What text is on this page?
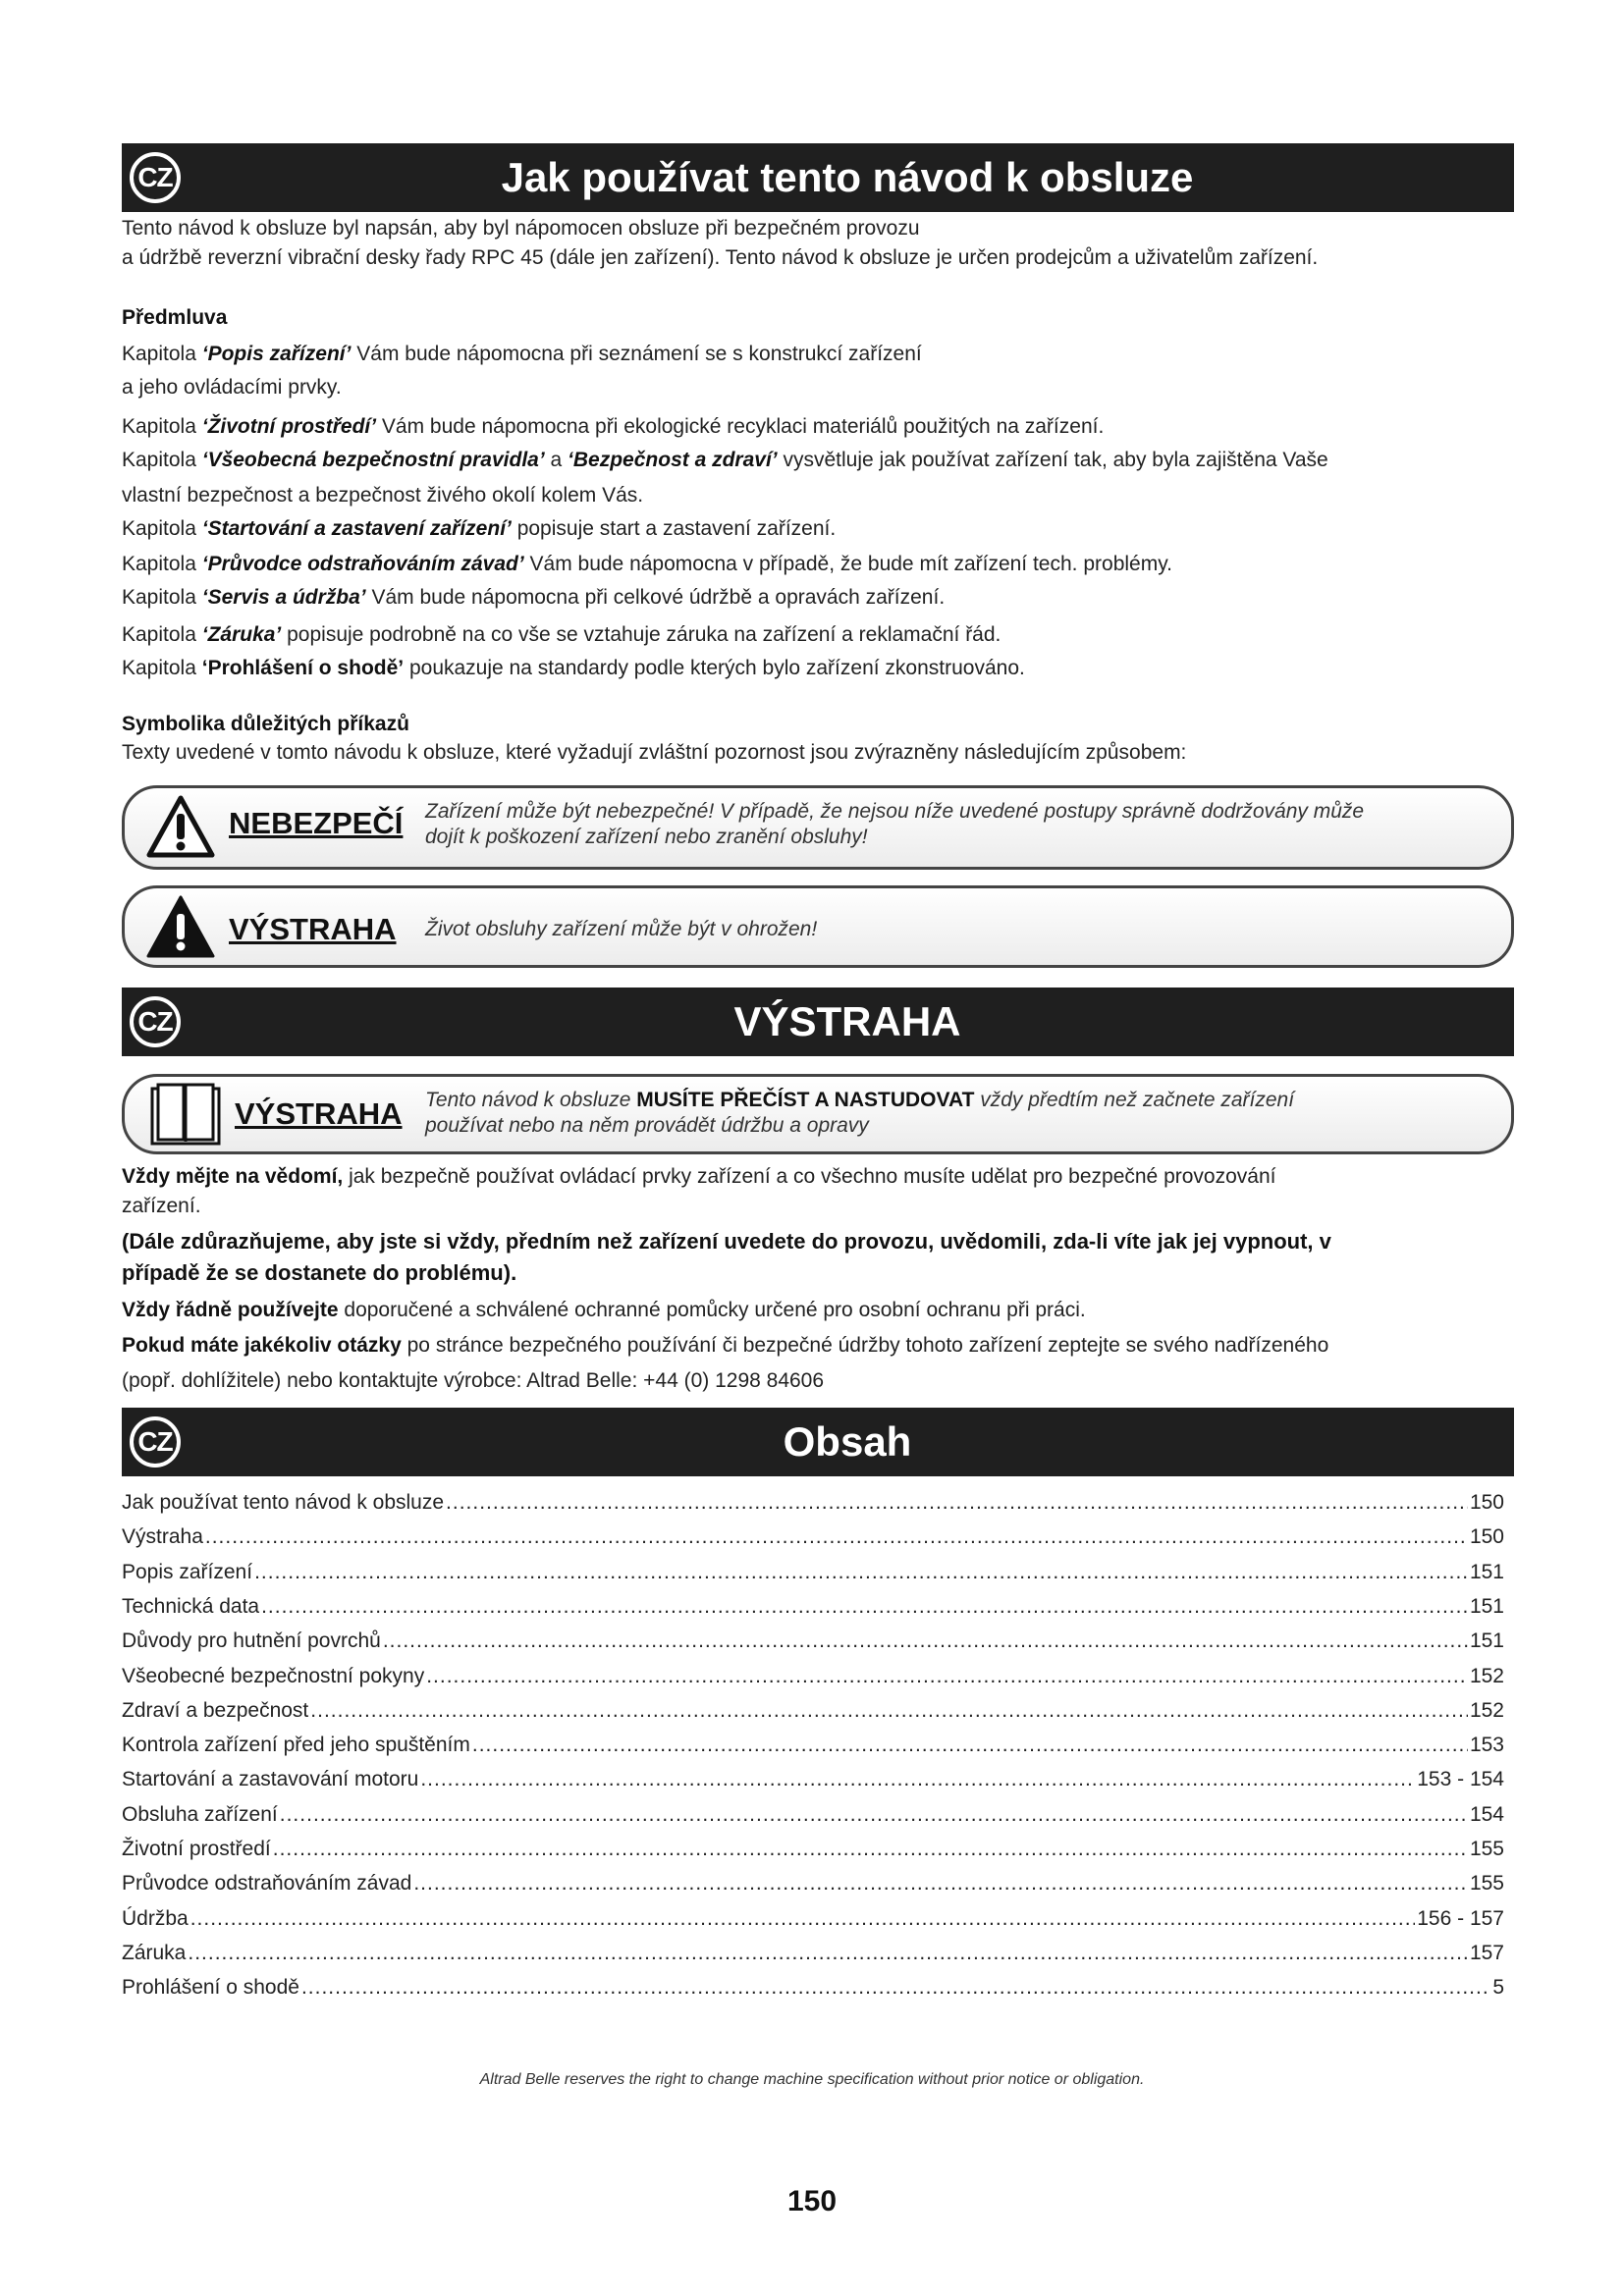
CZ	Jak používat tento návod k obsluze
Tento návod k obsluze byl napsán, aby byl nápomocen obsluze při bezpečném provozu
a údržbě reverzní vibrační desky řady RPC 45 (dále jen zařízení). Tento návod k obsluze je určen prodejcům a uživatelům zařízení.
Předmluva
Kapitola ‘Popis zařízení’ Vám bude nápomocna při seznámení se s konstrukcí zařízení
a jeho ovládacími prvky.
Kapitola ‘Životní prostředí’ Vám bude nápomocna při ekologické recyklaci materiálů použitých na zařízení.
Kapitola ‘Všeobecná bezpečnostní pravidla’ a ‘Bezpečnost a zdraví’ vysvětluje jak používat zařízení tak, aby byla zajištěna Vaše
vlastní bezpečnost a bezpečnost živého okolí kolem Vás.
Kapitola ‘Startování a zastavení zařízení’ popisuje start a zastavení zařízení.
Kapitola ‘Průvodce odstraňováním závad’ Vám bude nápomocna v případě, že bude mít zařízení tech. problémy.
Kapitola ‘Servis a údržba’ Vám bude nápomocna při celkové údržbě a opravách zařízení.
Kapitola ‘Záruka’ popisuje podrobně na co vše se vztahuje záruka na zařízení a reklamační řád.
Kapitola ‘Prohlášení o shodě’ poukazuje na standardy podle kterých bylo zařízení zkonstruováno.
Symbolika důležitých příkazů
Texty uvedené v tomto návodu k obsluze, které vyžadují zvláštní pozornost jsou zvýrazněny následujícím způsobem:
NEBEZPEČÍ Zařízení může být nebezpečné! V případě, že nejsou níže uvedené postupy správně dodržovány může
dojít k poškození zařízení nebo zranění obsluhy!
VÝSTRAHA Život obsluhy zařízení může být v ohrožen!
CZ	VÝSTRAHA
VÝSTRAHA Tento návod k obsluze MUSÍTE PŘEČÍST A NASTUDOVAT vždy předtím než začnete zařízení
používat nebo na něm provádět údržbu a opravy
Vždy mějte na vědomí, jak bezpečně používat ovládací prvky zařízení a co všechno musíte udělat pro bezpečné provozování
zařízení.
(Dále zdůrazňujeme, aby jste si vždy, předním než zařízení uvedete do provozu, uvědomili, zda-li víte jak jej vypnout, v
případě že se dostanete do problému).
Vždy řádně používejte doporučené a schválené ochranné pomůcky určené pro osobní ochranu při práci.
Pokud máte jakékoliv otázky po stránce bezpečného používání či bezpečné údržby tohoto zařízení zeptejte se svého nadřízeného
(popř. dohlížitele) nebo kontaktujte výrobce: Altrad Belle: +44 (0) 1298 84606
CZ	Obsah
Jak používat tento návod k obsluze .....	150
Výstraha .....	150
Popis zařízení .....	151
Technická data .....	151
Důvody pro hutnění povrchů .....	151
Všeobecné bezpečnostní pokyny .....	152
Zdraví a bezpečnost .....	152
Kontrola zařízení před jeho spuštěním .....	153
Startování a zastavování motoru .....	153 - 154
Obsluha zařízení .....	154
Životní prostředí .....	155
Průvodce odstraňováním závad .....	155
Údržba .....	156 - 157
Záruka .....	157
Prohlášení o shodě .....	5
Altrad Belle reserves the right to change machine specification without prior notice or obligation.
150
